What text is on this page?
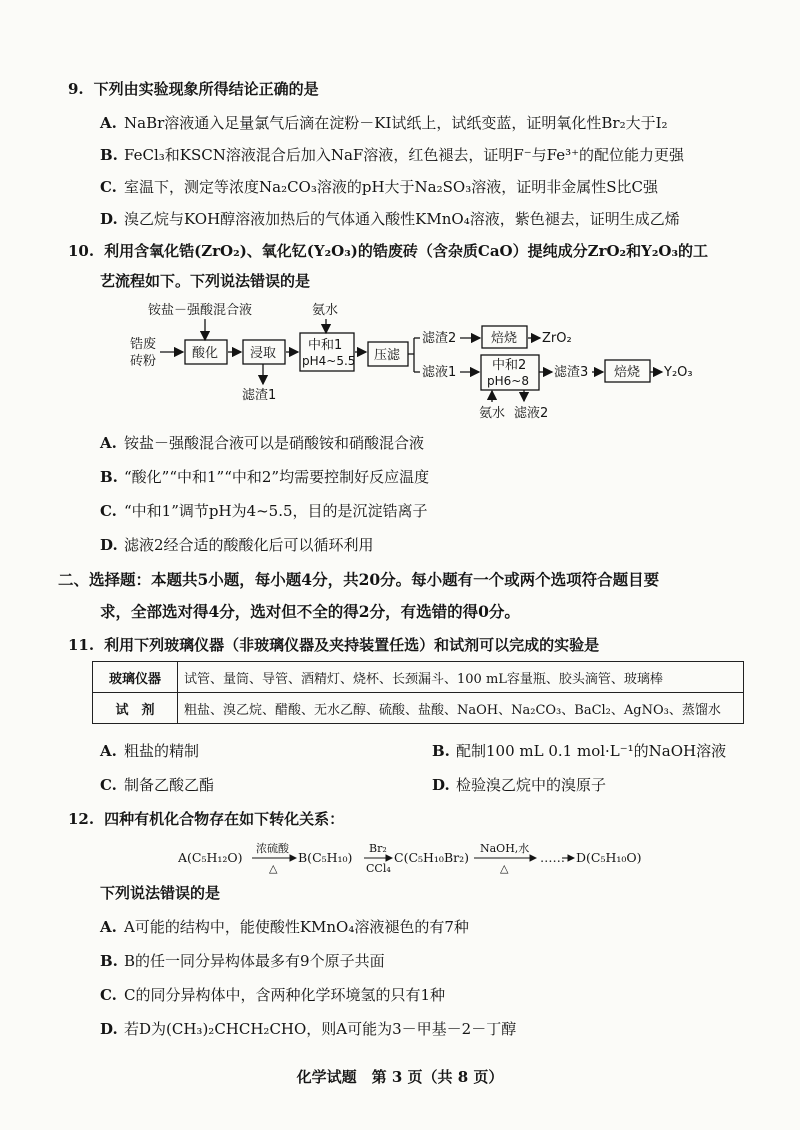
9. 下列由实验现象所得结论正确的是
A. NaBr溶液通入足量氯气后滴在淀粉－KI试纸上，试纸变蓝，证明氧化性Br₂大于I₂
B. FeCl₃和KSCN溶液混合后加入NaF溶液，红色褪去，证明F⁻与Fe³⁺的配位能力更强
C. 室温下，测定等浓度Na₂CO₃溶液的pH大于Na₂SO₃溶液，证明非金属性S比C强
D. 溴乙烷与KOH醇溶液加热后的气体通入酸性KMnO₄溶液，紫色褪去，证明生成乙烯
10. 利用含氧化锆(ZrO₂)、氧化钇(Y₂O₃)的锆废砖（含杂质CaO）提纯成分ZrO₂和Y₂O₃的工
艺流程如下。下列说法错误的是
锆废
砖粉
铵盐－强酸混合液
酸化 浸取
滤渣1
氨水
中和1
pH4~5.5 压滤
滤渣2	焙烧 ZrO₂
滤液1	中和2
pH6~8
滤渣3 焙烧 Y₂O₃
氨水 滤液2
A. 铵盐－强酸混合液可以是硝酸铵和硝酸混合液
B. “酸化”“中和1”“中和2”均需要控制好反应温度
C. “中和1”调节pH为4~5.5，目的是沉淀锆离子
D. 滤液2经合适的酸酸化后可以循环利用
二、选择题：本题共5小题，每小题4分，共20分。每小题有一个或两个选项符合题目要
求，全部选对得4分，选对但不全的得2分，有选错的得0分。
11. 利用下列玻璃仪器（非玻璃仪器及夹持装置任选）和试剂可以完成的实验是
玻璃仪器	试管、量筒、导管、酒精灯、烧杯、长颈漏斗、100 mL容量瓶、胶头滴管、玻璃棒
试　剂	粗盐、溴乙烷、醋酸、无水乙醇、硫酸、盐酸、NaOH、Na₂CO₃、BaCl₂、AgNO₃、蒸馏水
A. 粗盐的精制	B. 配制100 mL 0.1 mol·L⁻¹的NaOH溶液
C. 制备乙酸乙酯	D. 检验溴乙烷中的溴原子
12. 四种有机化合物存在如下转化关系：
A(C₅H₁₂O)
浓硫酸
△
B(C₅H₁₀)
Br₂
CCl₄
C(C₅H₁₀Br₂)
NaOH,水
△
…… D(C₅H₁₀O)
下列说法错误的是
A. A可能的结构中，能使酸性KMnO₄溶液褪色的有7种
B. B的任一同分异构体最多有9个原子共面
C. C的同分异构体中，含两种化学环境氢的只有1种
D. 若D为(CH₃)₂CHCH₂CHO，则A可能为3－甲基－2－丁醇
化学试题　第 3 页（共 8 页）
